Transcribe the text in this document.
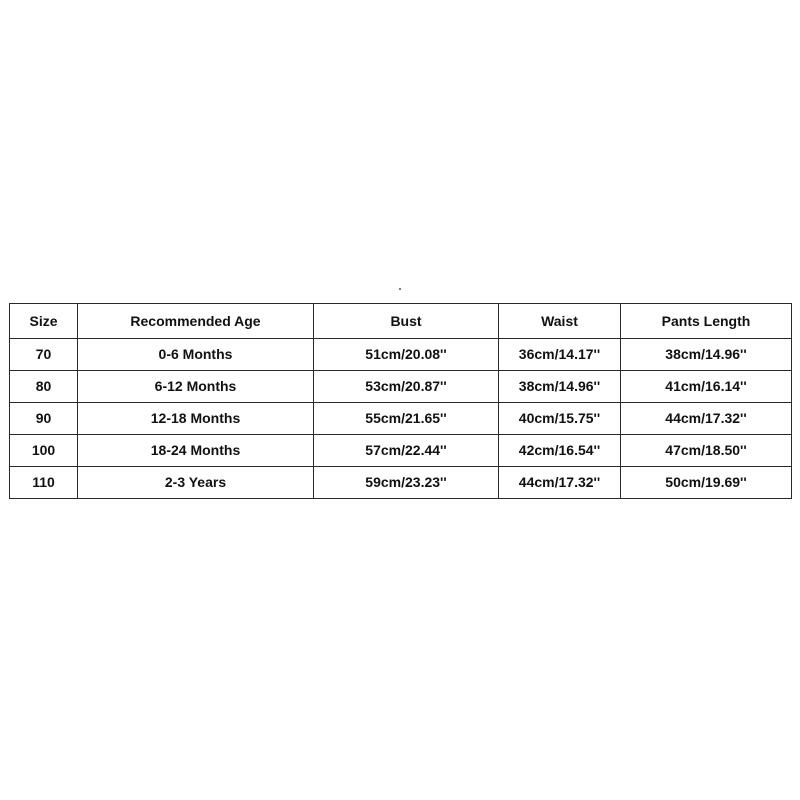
Size	Recommended Age	Bust	Waist	Pants Length
70	0-6 Months	51cm/20.08''	36cm/14.17''	38cm/14.96''
80	6-12 Months	53cm/20.87''	38cm/14.96''	41cm/16.14''
90	12-18 Months	55cm/21.65''	40cm/15.75''	44cm/17.32''
100	18-24 Months	57cm/22.44''	42cm/16.54''	47cm/18.50''
110	2-3 Years	59cm/23.23''	44cm/17.32''	50cm/19.69''
